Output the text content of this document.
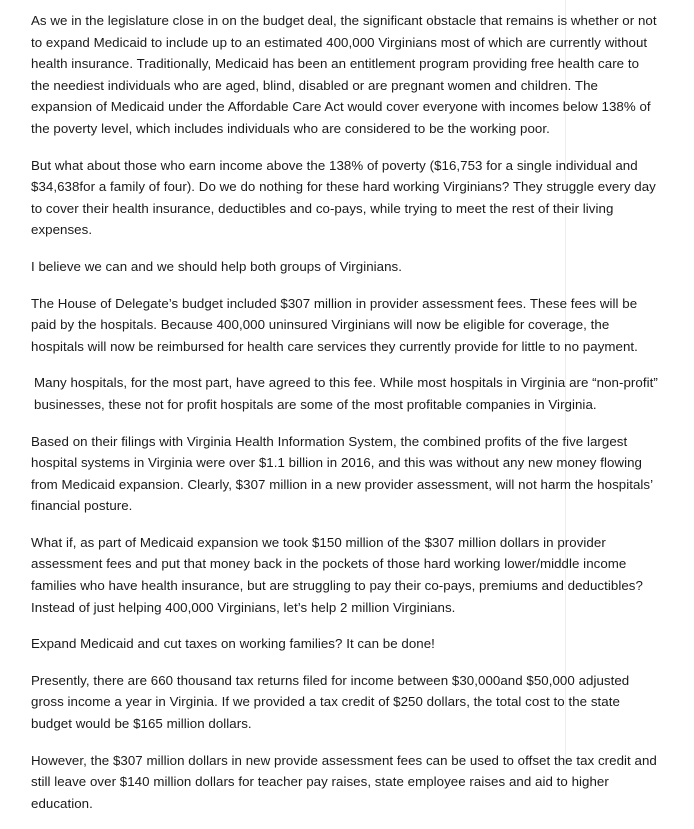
As we in the legislature close in on the budget deal, the significant obstacle that remains is whether or not to expand Medicaid to include up to an estimated 400,000 Virginians most of which are currently without health insurance. Traditionally, Medicaid has been an entitlement program providing free health care to the neediest individuals who are aged, blind, disabled or are pregnant women and children. The expansion of Medicaid under the Affordable Care Act would cover everyone with incomes below 138% of the poverty level, which includes individuals who are considered to be the working poor.

But what about those who earn income above the 138% of poverty ($16,753 for a single individual and $34,638for a family of four). Do we do nothing for these hard working Virginians? They struggle every day to cover their health insurance, deductibles and co-pays, while trying to meet the rest of their living expenses.

I believe we can and we should help both groups of Virginians.

The House of Delegate’s budget included $307 million in provider assessment fees. These fees will be paid by the hospitals. Because 400,000 uninsured Virginians will now be eligible for coverage, the hospitals will now be reimbursed for health care services they currently provide for little to no payment.

Many hospitals, for the most part, have agreed to this fee. While most hospitals in Virginia are “non-profit” businesses, these not for profit hospitals are some of the most profitable companies in Virginia.

Based on their filings with Virginia Health Information System, the combined profits of the five largest hospital systems in Virginia were over $1.1 billion in 2016, and this was without any new money flowing from Medicaid expansion. Clearly, $307 million in a new provider assessment, will not harm the hospitals’ financial posture.

What if, as part of Medicaid expansion we took $150 million of the $307 million dollars in provider assessment fees and put that money back in the pockets of those hard working lower/middle income families who have health insurance, but are struggling to pay their co-pays, premiums and deductibles? Instead of just helping 400,000 Virginians, let’s help 2 million Virginians.

Expand Medicaid and cut taxes on working families? It can be done!

Presently, there are 660 thousand tax returns filed for income between $30,000and $50,000 adjusted gross income a year in Virginia. If we provided a tax credit of $250 dollars, the total cost to the state budget would be $165 million dollars.

However, the $307 million dollars in new provide assessment fees can be used to offset the tax credit and still leave over $140 million dollars for teacher pay raises, state employee raises and aid to higher education.
